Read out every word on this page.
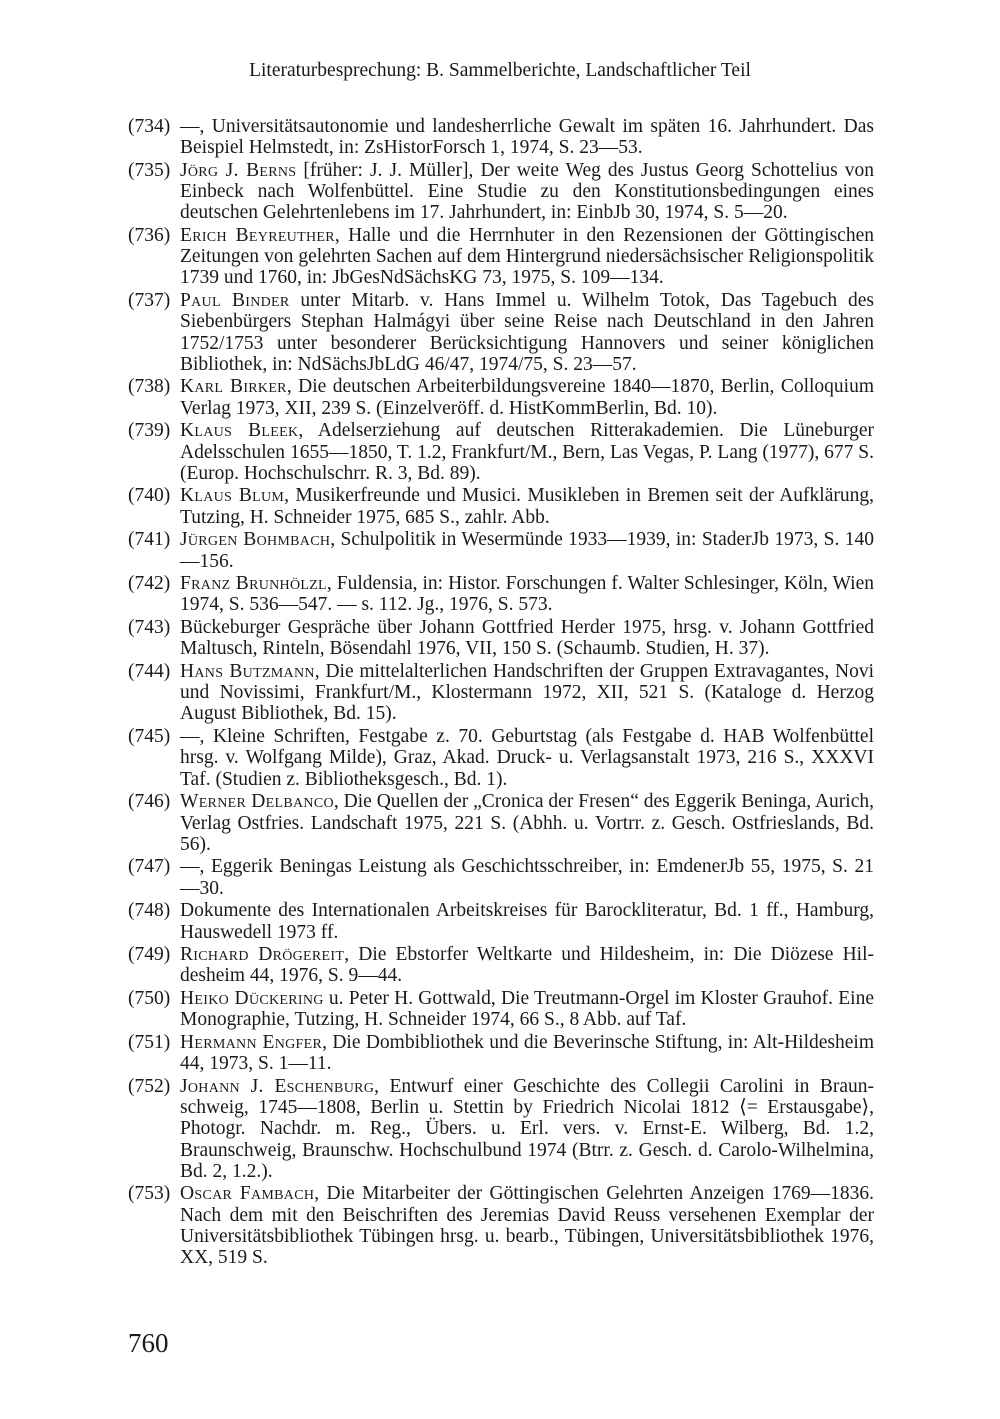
Literaturbesprechung: B. Sammelberichte, Landschaftlicher Teil
(734) —, Universitätsautonomie und landesherrliche Gewalt im späten 16. Jahrhundert. Das Beispiel Helmstedt, in: ZsHistorForsch 1, 1974, S. 23—53.
(735) Jörg J. Berns [früher: J. J. Müller], Der weite Weg des Justus Georg Schottelius von Einbeck nach Wolfenbüttel. Eine Studie zu den Konstitutionsbedingungen eines deutschen Gelehrtenlebens im 17. Jahrhundert, in: EinbJb 30, 1974, S. 5—20.
(736) Erich Beyreuther, Halle und die Herrnhuter in den Rezensionen der Göttingischen Zeitungen von gelehrten Sachen auf dem Hintergrund niedersächsischer Religionspolitik 1739 und 1760, in: JbGesNdSächsKG 73, 1975, S. 109—134.
(737) Paul Binder unter Mitarb. v. Hans Immel u. Wilhelm Totok, Das Tagebuch des Siebenbürgers Stephan Halmágyi über seine Reise nach Deutschland in den Jahren 1752/1753 unter besonderer Berücksichtigung Hannovers und seiner königlichen Bibliothek, in: NdSächsJbLdG 46/47, 1974/75, S. 23—57.
(738) Karl Birker, Die deutschen Arbeiterbildungsvereine 1840—1870, Berlin, Colloquium Verlag 1973, XII, 239 S. (Einzelveröff. d. HistKommBerlin, Bd. 10).
(739) Klaus Bleek, Adelserziehung auf deutschen Ritterakademien. Die Lüneburger Adelsschulen 1655—1850, T. 1.2, Frankfurt/M., Bern, Las Vegas, P. Lang (1977), 677 S. (Europ. Hochschulschrr. R. 3, Bd. 89).
(740) Klaus Blum, Musikerfreunde und Musici. Musikleben in Bremen seit der Aufklärung, Tutzing, H. Schneider 1975, 685 S., zahlr. Abb.
(741) Jürgen Bohmbach, Schulpolitik in Wesermünde 1933—1939, in: StaderJb 1973, S. 140—156.
(742) Franz Brunhölzl, Fuldensia, in: Histor. Forschungen f. Walter Schlesinger, Köln, Wien 1974, S. 536—547. — s. 112. Jg., 1976, S. 573.
(743) Bückeburger Gespräche über Johann Gottfried Herder 1975, hrsg. v. Johann Gottfried Maltusch, Rinteln, Bösendahl 1976, VII, 150 S. (Schaumb. Studien, H. 37).
(744) Hans Butzmann, Die mittelalterlichen Handschriften der Gruppen Extravagantes, Novi und Novissimi, Frankfurt/M., Klostermann 1972, XII, 521 S. (Kataloge d. Herzog August Bibliothek, Bd. 15).
(745) —, Kleine Schriften, Festgabe z. 70. Geburtstag (als Festgabe d. HAB Wolfenbüttel hrsg. v. Wolfgang Milde), Graz, Akad. Druck- u. Verlagsanstalt 1973, 216 S., XXXVI Taf. (Studien z. Bibliotheksgesch., Bd. 1).
(746) Werner Delbanco, Die Quellen der „Cronica der Fresen“ des Eggerik Beninga, Aurich, Verlag Ostfries. Landschaft 1975, 221 S. (Abhh. u. Vortrr. z. Gesch. Ostfrieslands, Bd. 56).
(747) —, Eggerik Beningas Leistung als Geschichtsschreiber, in: EmdenerJb 55, 1975, S. 21—30.
(748) Dokumente des Internationalen Arbeitskreises für Barockliteratur, Bd. 1 ff., Hamburg, Hauswedell 1973 ff.
(749) Richard Drögereit, Die Ebstorfer Weltkarte und Hildesheim, in: Die Diözese Hildesheim 44, 1976, S. 9—44.
(750) Heiko Dückering u. Peter H. Gottwald, Die Treutmann-Orgel im Kloster Grauhof. Eine Monographie, Tutzing, H. Schneider 1974, 66 S., 8 Abb. auf Taf.
(751) Hermann Engfer, Die Dombibliothek und die Beverinsche Stiftung, in: Alt-Hildesheim 44, 1973, S. 1—11.
(752) Johann J. Eschenburg, Entwurf einer Geschichte des Collegii Carolini in Braunschweig, 1745—1808, Berlin u. Stettin by Friedrich Nicolai 1812 ⟨= Erstausgabe⟩, Photogr. Nachdr. m. Reg., Übers. u. Erl. vers. v. Ernst-E. Wilberg, Bd. 1.2, Braunschweig, Braunschw. Hochschulbund 1974 (Btrr. z. Gesch. d. Carolo-Wilhelmina, Bd. 2, 1.2.).
(753) Oscar Fambach, Die Mitarbeiter der Göttingischen Gelehrten Anzeigen 1769—1836. Nach dem mit den Beischriften des Jeremias David Reuss versehenen Exemplar der Universitätsbibliothek Tübingen hrsg. u. bearb., Tübingen, Universitätsbibliothek 1976, XX, 519 S.
760
